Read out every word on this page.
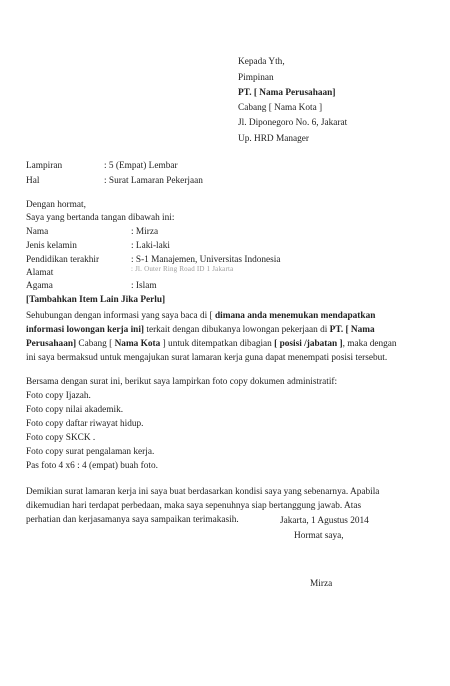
Kepada Yth,
Pimpinan
PT. [ Nama Perusahaan]
Cabang [ Nama Kota ]
Jl. Diponegoro No. 6, Jakarat
Up. HRD Manager
Lampiran	: 5 (Empat) Lembar
Hal	: Surat Lamaran Pekerjaan
Dengan hormat,
Saya yang bertanda tangan dibawah ini:
Nama	: Mirza
Jenis kelamin	: Laki-laki
Pendidikan terakhir	: S-1 Manajemen, Universitas Indonesia
Alamat	: Jl. Outer Ring Road ID 1 Jakarta
Agama	: Islam
[Tambahkan Item Lain Jika Perlu]
Sehubungan dengan informasi yang saya baca di [ dimana anda menemukan mendapatkan
informasi lowongan kerja ini] terkait dengan dibukanya lowongan pekerjaan di PT. [ Nama
Perusahaan] Cabang [ Nama Kota ] untuk ditempatkan dibagian [ posisi /jabatan ], maka dengan
ini saya bermaksud untuk mengajukan surat lamaran kerja guna dapat menempati posisi tersebut.
Bersama dengan surat ini, berikut saya lampirkan foto copy dokumen administratif:
Foto copy Ijazah.
Foto copy nilai akademik.
Foto copy daftar riwayat hidup.
Foto copy SKCK .
Foto copy surat pengalaman kerja.
Pas foto 4 x6 : 4 (empat) buah foto.
Demikian surat lamaran kerja ini saya buat berdasarkan kondisi saya yang sebenarnya. Apabila
dikemudian hari terdapat perbedaan, maka saya sepenuhnya siap bertanggung jawab. Atas
perhatian dan kerjasamanya saya sampaikan terimakasih.	Jakarta, 1 Agustus 2014
Hormat saya,
Mirza
